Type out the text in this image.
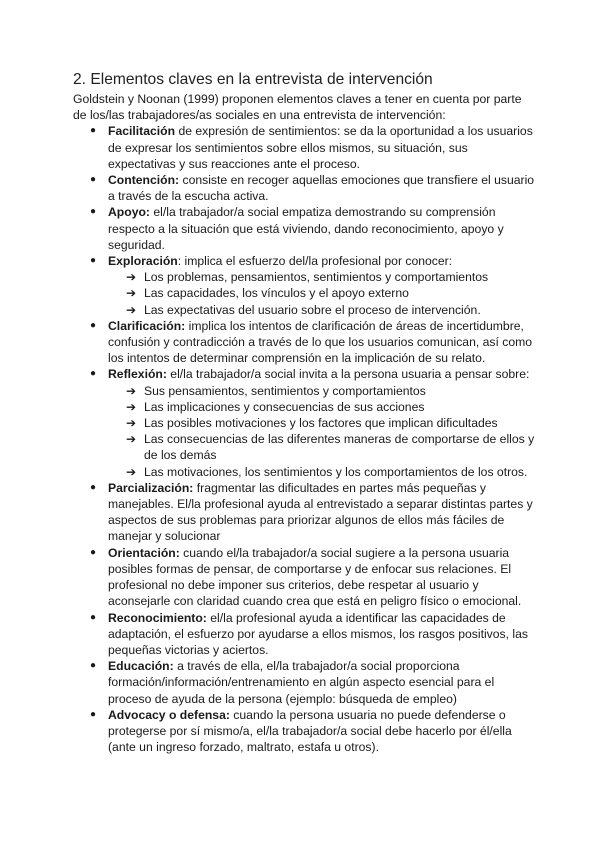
2. Elementos claves en la entrevista de intervención

Goldstein y Noonan (1999) proponen elementos claves a tener en cuenta por parte de los/las trabajadores/as sociales en una entrevista de intervención:

● Facilitación de expresión de sentimientos: se da la oportunidad a los usuarios de expresar los sentimientos sobre ellos mismos, su situación, sus expectativas y sus reacciones ante el proceso.
● Contención: consiste en recoger aquellas emociones que transfiere el usuario a través de la escucha activa.
● Apoyo: el/la trabajador/a social empatiza demostrando su comprensión respecto a la situación que está viviendo, dando reconocimiento, apoyo y seguridad.
● Exploración: implica el esfuerzo del/la profesional por conocer:
➔ Los problemas, pensamientos, sentimientos y comportamientos
➔ Las capacidades, los vínculos y el apoyo externo
➔ Las expectativas del usuario sobre el proceso de intervención.
● Clarificación: implica los intentos de clarificación de áreas de incertidumbre, confusión y contradicción a través de lo que los usuarios comunican, así como los intentos de determinar comprensión en la implicación de su relato.
● Reflexión: el/la trabajador/a social invita a la persona usuaria a pensar sobre:
➔ Sus pensamientos, sentimientos y comportamientos
➔ Las implicaciones y consecuencias de sus acciones
➔ Las posibles motivaciones y los factores que implican dificultades
➔ Las consecuencias de las diferentes maneras de comportarse de ellos y de los demás
➔ Las motivaciones, los sentimientos y los comportamientos de los otros.
● Parcialización: fragmentar las dificultades en partes más pequeñas y manejables. El/la profesional ayuda al entrevistado a separar distintas partes y aspectos de sus problemas para priorizar algunos de ellos más fáciles de manejar y solucionar
● Orientación: cuando el/la trabajador/a social sugiere a la persona usuaria posibles formas de pensar, de comportarse y de enfocar sus relaciones. El profesional no debe imponer sus criterios, debe respetar al usuario y aconsejarle con claridad cuando crea que está en peligro físico o emocional.
● Reconocimiento: el/la profesional ayuda a identificar las capacidades de adaptación, el esfuerzo por ayudarse a ellos mismos, los rasgos positivos, las pequeñas victorias y aciertos.
● Educación: a través de ella, el/la trabajador/a social proporciona formación/información/entrenamiento en algún aspecto esencial para el proceso de ayuda de la persona (ejemplo: búsqueda de empleo)
● Advocacy o defensa: cuando la persona usuaria no puede defenderse o protegerse por sí mismo/a, el/la trabajador/a social debe hacerlo por él/ella (ante un ingreso forzado, maltrato, estafa u otros).
